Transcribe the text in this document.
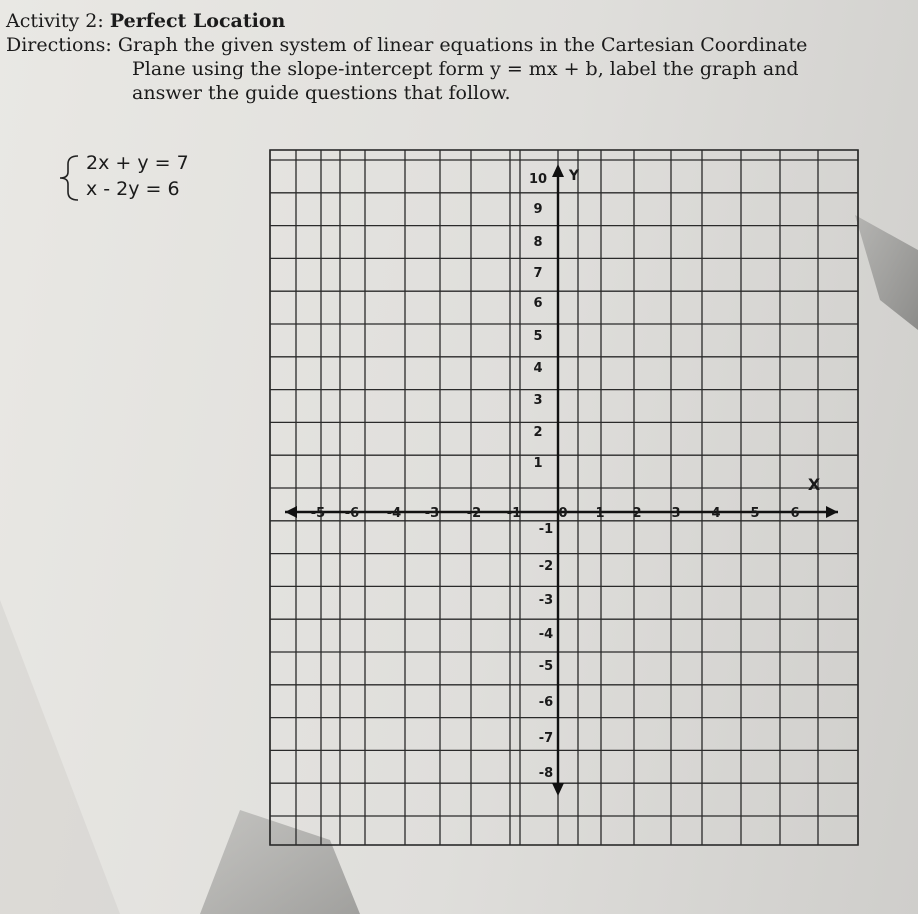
Activity 2: Perfect Location
Directions: Graph the given system of linear equations in the Cartesian Coordinate
Plane using the slope-intercept form y = mx + b, label the graph and
answer the guide questions that follow.
2x + y = 7
x - 2y = 6
X
Y
0
-5 -6 -4 -3 -2 -1	1 2 3 4 5 6
10
9
8
7
6
5
4
3
2
1
-1
-2
-3
-4
-5
-6
-7
-8
